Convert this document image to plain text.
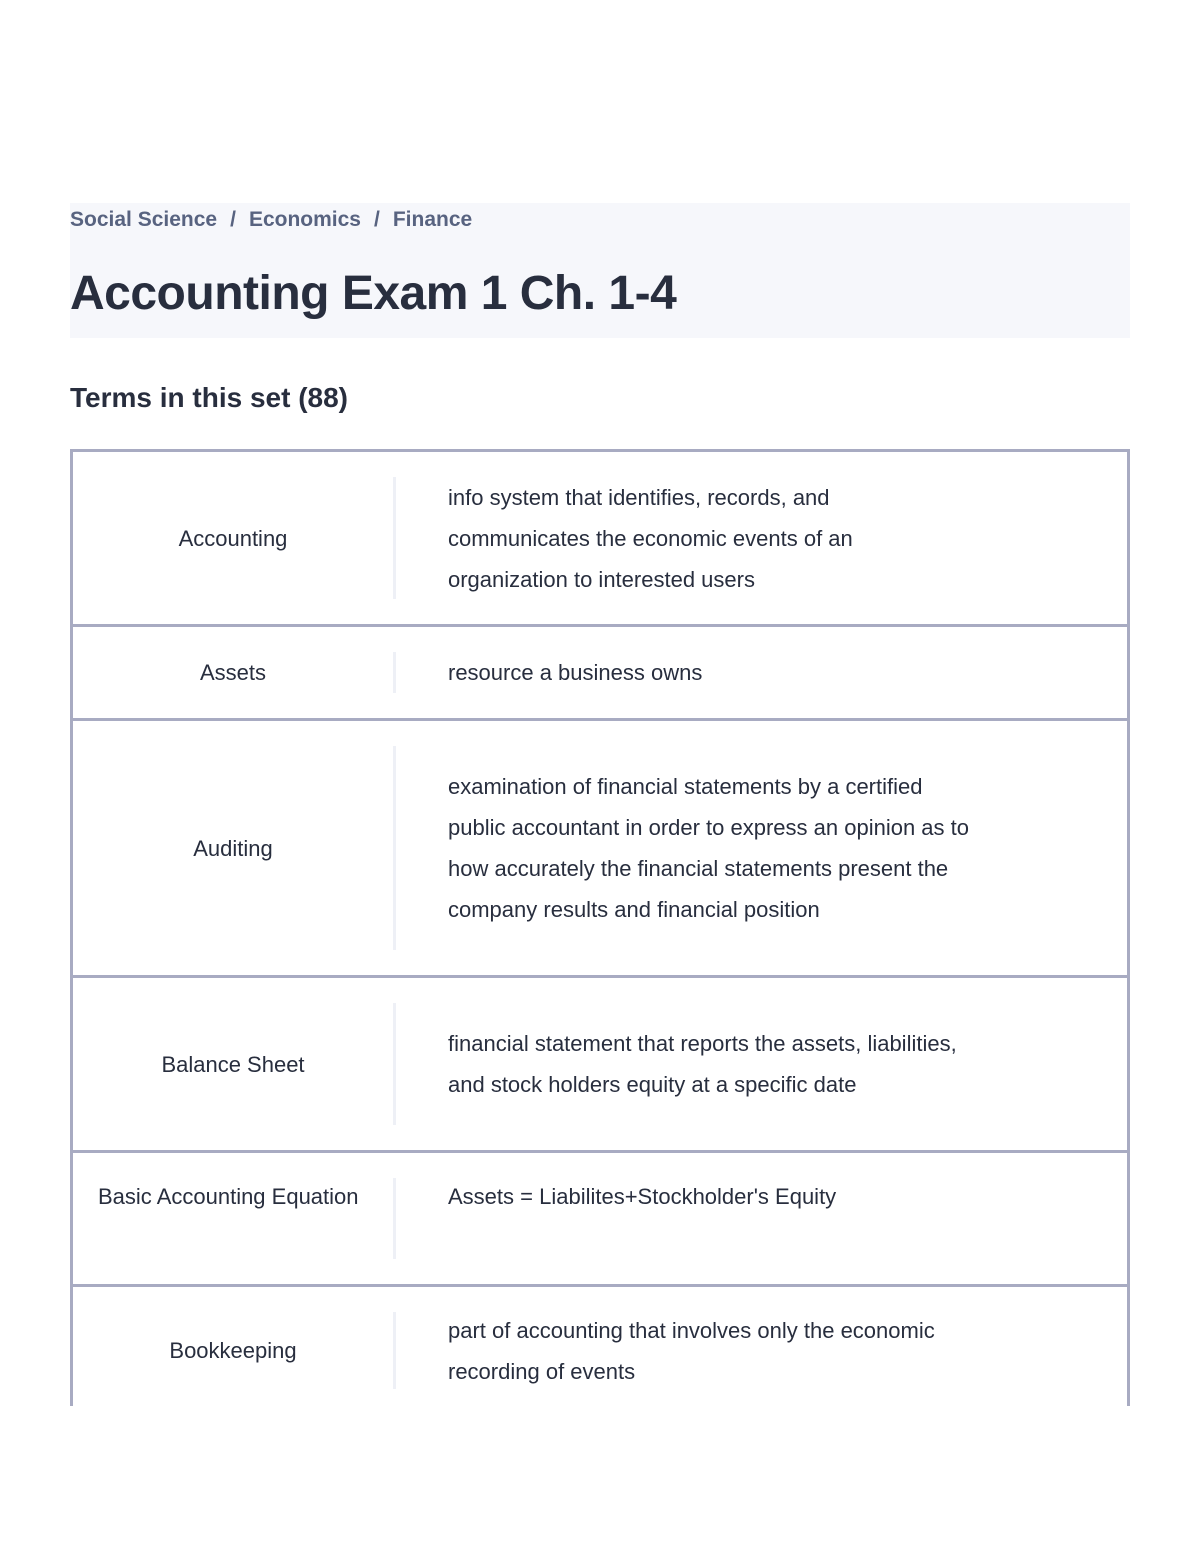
Social Science / Economics / Finance
Accounting Exam 1 Ch. 1-4
Terms in this set (88)
Accounting
info system that identifies, records, and communicates the economic events of an organization to interested users
Assets	resource a business owns
Auditing
examination of financial statements by a certified public accountant in order to express an opinion as to how accurately the financial statements present the company results and financial position
Balance Sheet
financial statement that reports the assets, liabilities, and stock holders equity at a specific date
Basic Accounting Equation	Assets = Liabilites+Stockholder's Equity
Bookkeeping
part of accounting that involves only the economic recording of events
